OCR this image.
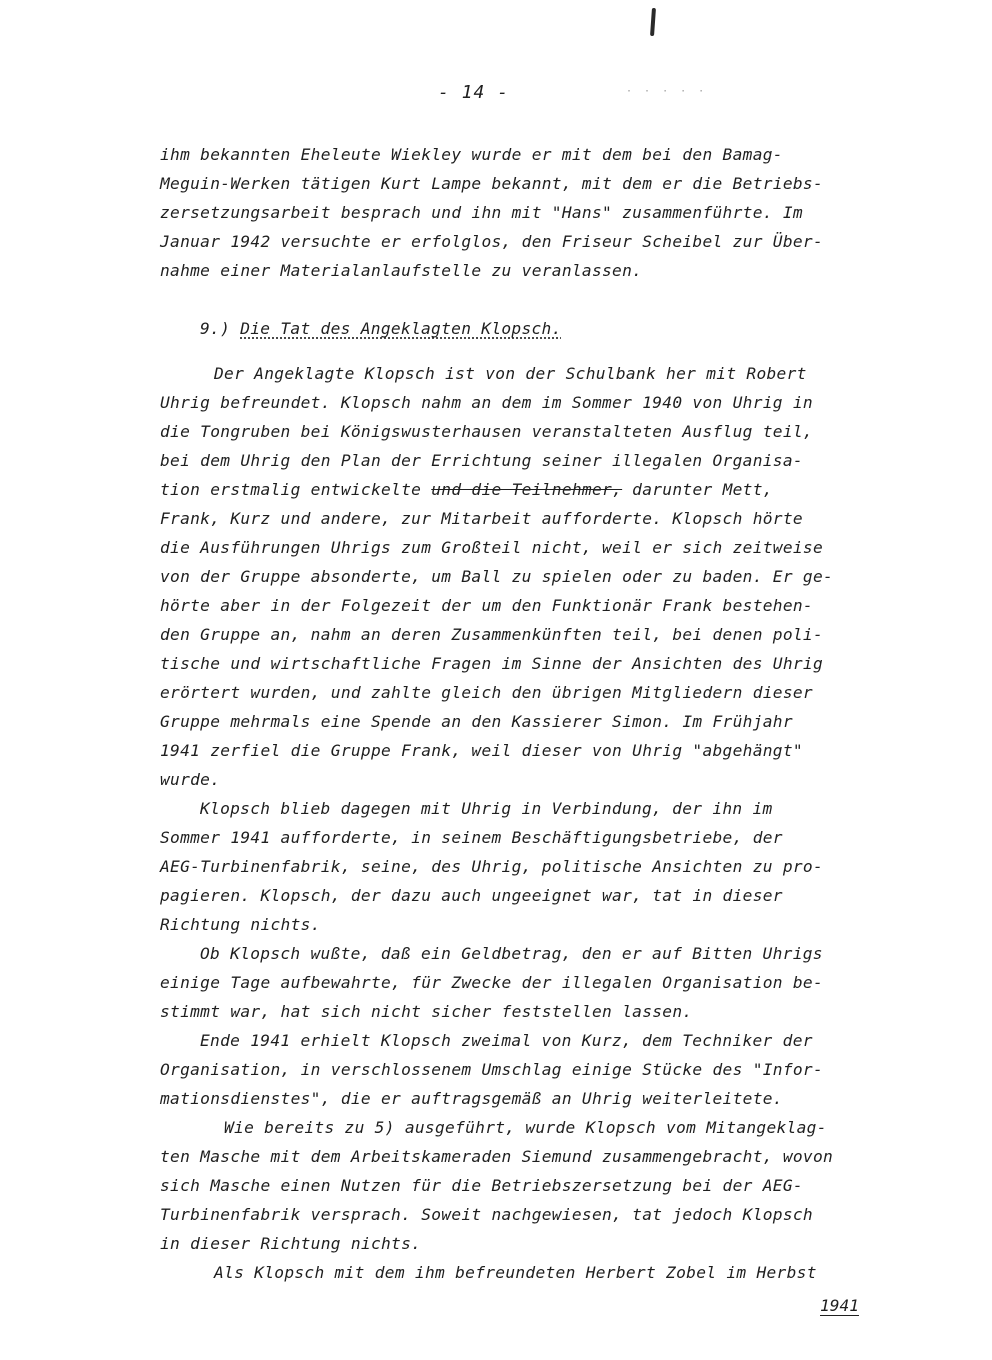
- 14 -	· · · · ·
ihm bekannten Eheleute Wiekley wurde er mit dem bei den Bamag-
Meguin-Werken tätigen Kurt Lampe bekannt, mit dem er die Betriebs-
zersetzungsarbeit besprach und ihn mit "Hans" zusammenführte. Im
Januar 1942 versuchte er erfolglos, den Friseur Scheibel zur Über-
nahme einer Materialanlaufstelle zu veranlassen.
9.) Die Tat des Angeklagten Klopsch.
Der Angeklagte Klopsch ist von der Schulbank her mit Robert
Uhrig befreundet. Klopsch nahm an dem im Sommer 1940 von Uhrig in
die Tongruben bei Königswusterhausen veranstalteten Ausflug teil,
bei dem Uhrig den Plan der Errichtung seiner illegalen Organisa-
tion erstmalig entwickelte und die Teilnehmer, darunter Mett,
Frank, Kurz und andere, zur Mitarbeit aufforderte. Klopsch hörte
die Ausführungen Uhrigs zum Großteil nicht, weil er sich zeitweise
von der Gruppe absonderte, um Ball zu spielen oder zu baden. Er ge-
hörte aber in der Folgezeit der um den Funktionär Frank bestehen-
den Gruppe an, nahm an deren Zusammenkünften teil, bei denen poli-
tische und wirtschaftliche Fragen im Sinne der Ansichten des Uhrig
erörtert wurden, und zahlte gleich den übrigen Mitgliedern dieser
Gruppe mehrmals eine Spende an den Kassierer Simon. Im Frühjahr
1941 zerfiel die Gruppe Frank, weil dieser von Uhrig "abgehängt"
wurde.
Klopsch blieb dagegen mit Uhrig in Verbindung, der ihn im
Sommer 1941 aufforderte, in seinem Beschäftigungsbetriebe, der
AEG-Turbinenfabrik, seine, des Uhrig, politische Ansichten zu pro-
pagieren. Klopsch, der dazu auch ungeeignet war, tat in dieser
Richtung nichts.
Ob Klopsch wußte, daß ein Geldbetrag, den er auf Bitten Uhrigs
einige Tage aufbewahrte, für Zwecke der illegalen Organisation be-
stimmt war, hat sich nicht sicher feststellen lassen.
Ende 1941 erhielt Klopsch zweimal von Kurz, dem Techniker der
Organisation, in verschlossenem Umschlag einige Stücke des "Infor-
mationsdienstes", die er auftragsgemäß an Uhrig weiterleitete.
Wie bereits zu 5) ausgeführt, wurde Klopsch vom Mitangeklag-
ten Masche mit dem Arbeitskameraden Siemund zusammengebracht, wovon
sich Masche einen Nutzen für die Betriebszersetzung bei der AEG-
Turbinenfabrik versprach. Soweit nachgewiesen, tat jedoch Klopsch
in dieser Richtung nichts.
Als Klopsch mit dem ihm befreundeten Herbert Zobel im Herbst
1941
